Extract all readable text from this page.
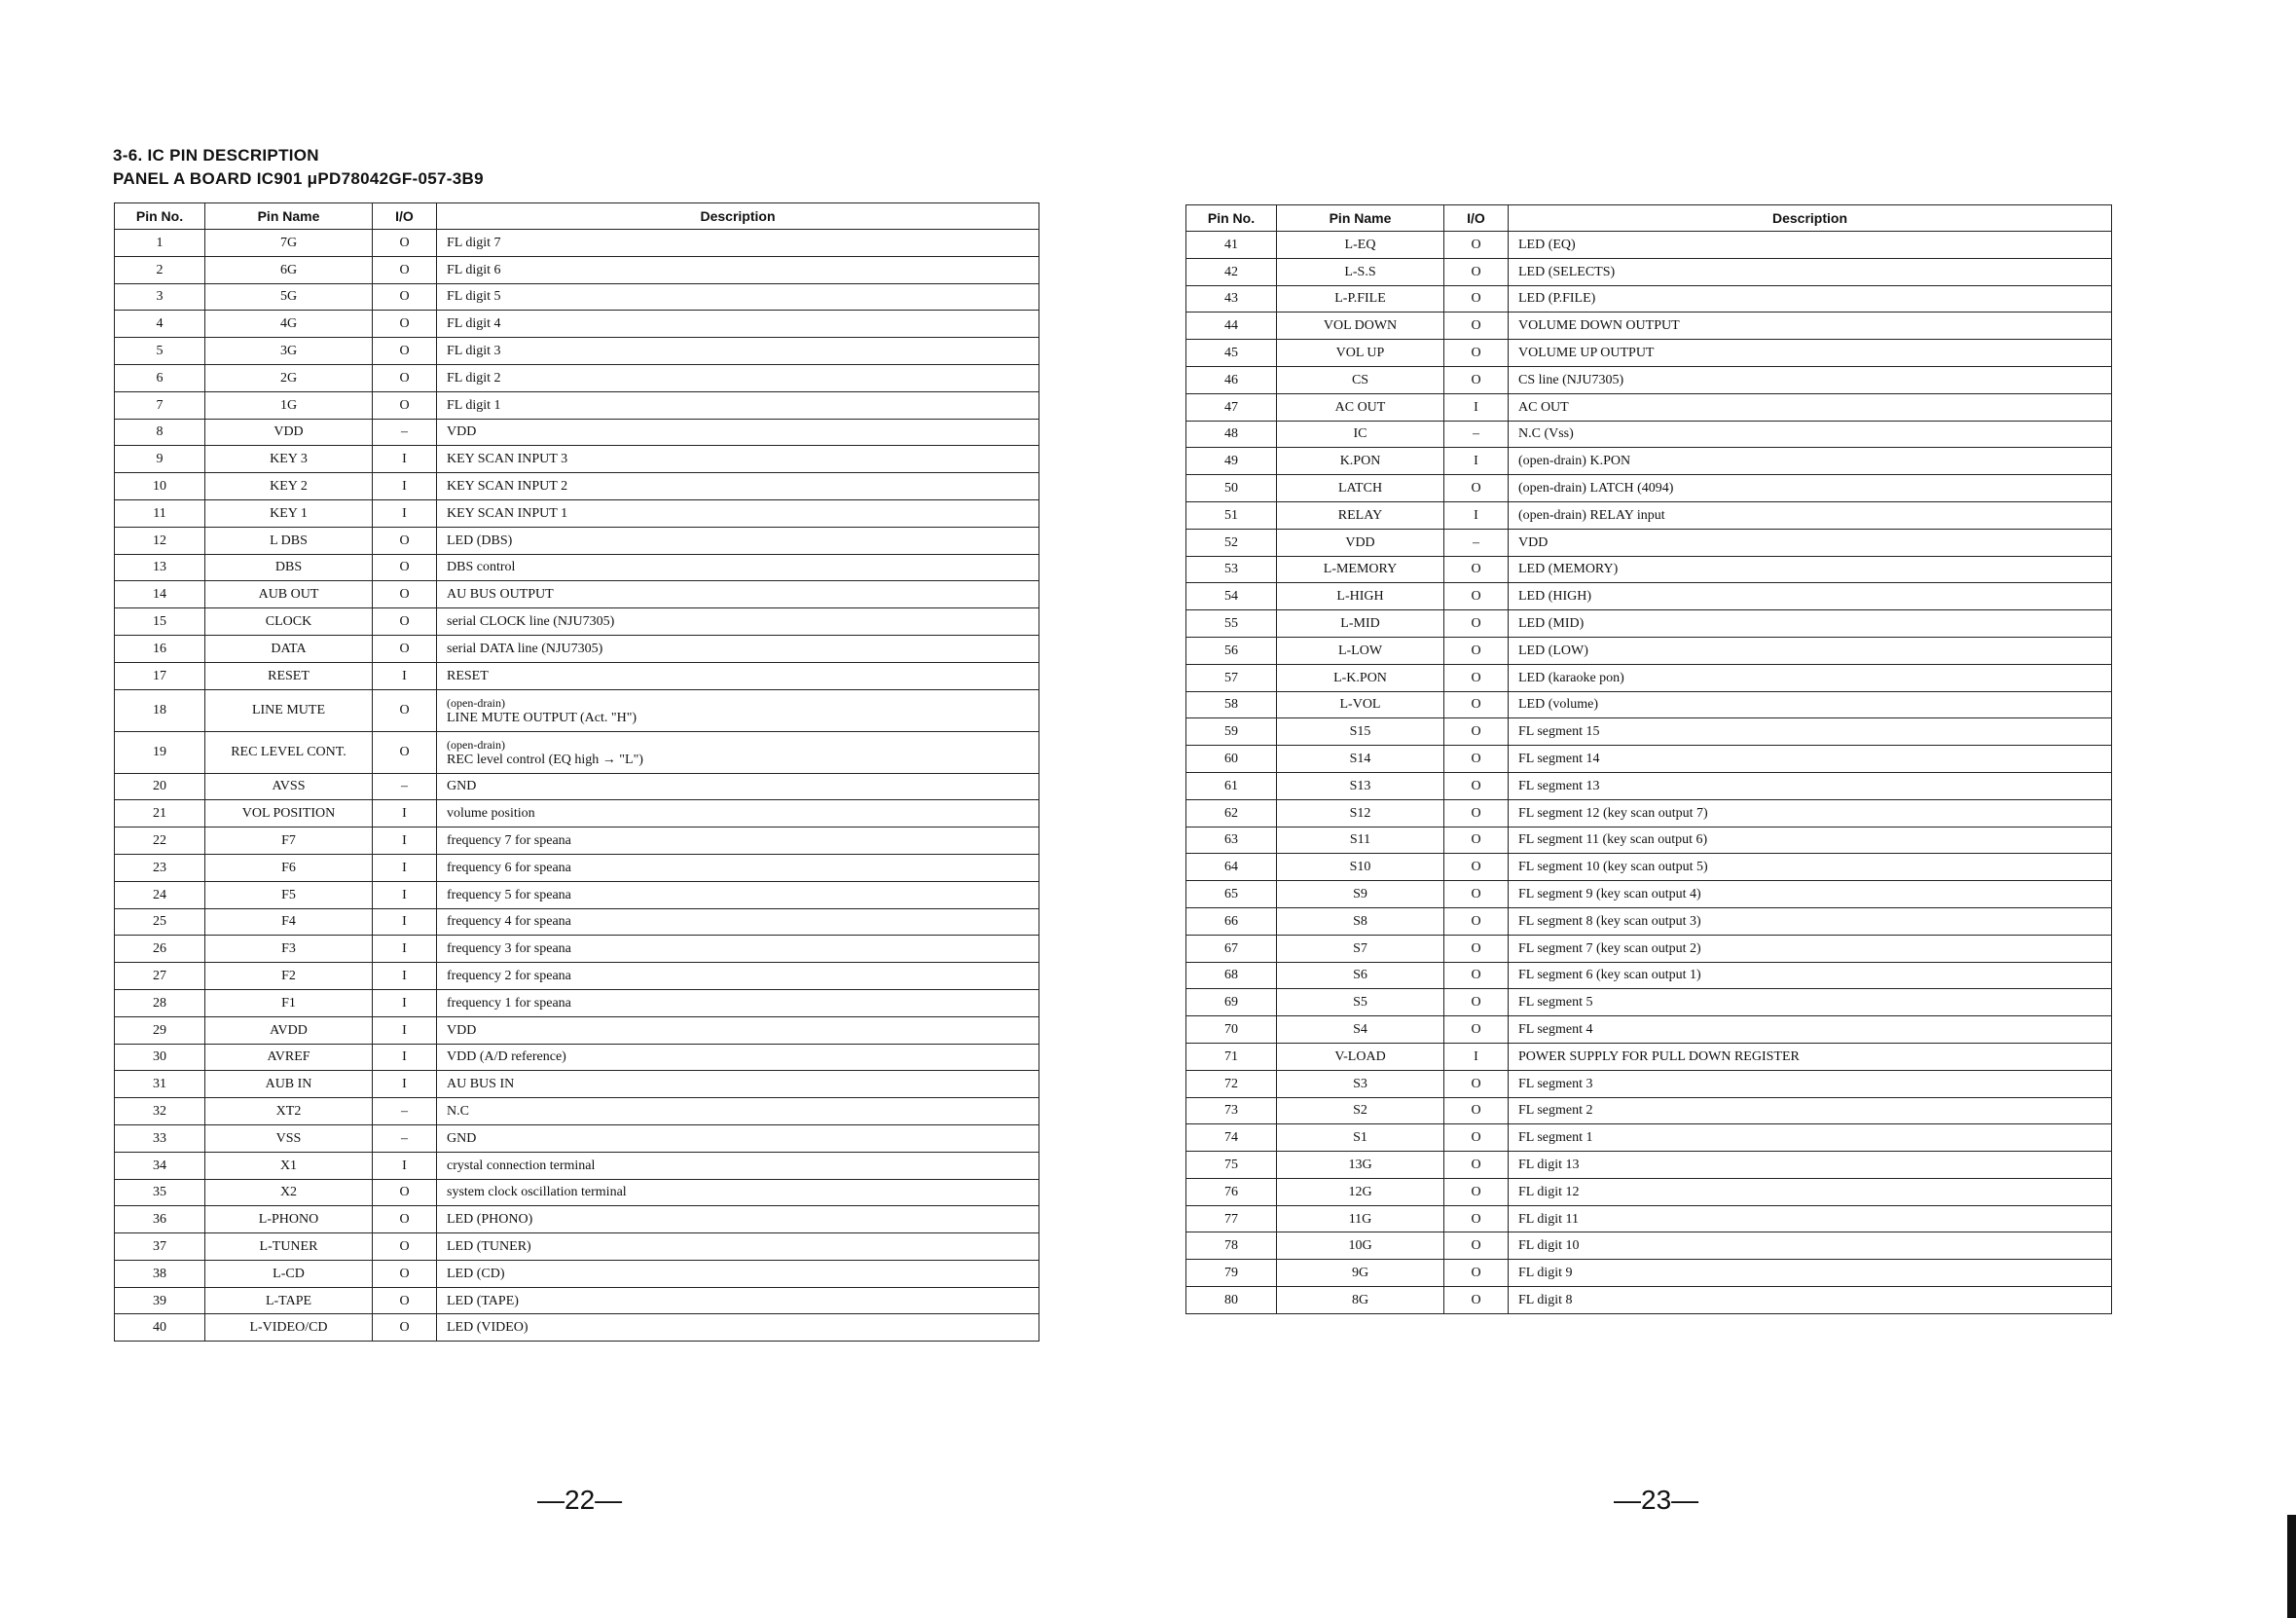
3-6. IC PIN DESCRIPTION
PANEL A BOARD IC901 μPD78042GF-057-3B9
Pin No.	Pin Name	I/O	Description
1	7G	O	FL digit 7

2	6G	O	FL digit 6

3	5G	O	FL digit 5

4	4G	O	FL digit 4

5	3G	O	FL digit 3

6	2G	O	FL digit 2

7	1G	O	FL digit 1

8	VDD	–	VDD

9	KEY 3	I	KEY SCAN INPUT 3

10	KEY 2	I	KEY SCAN INPUT 2

11	KEY 1	I	KEY SCAN INPUT 1

12	L DBS	O	LED (DBS)

13	DBS	O	DBS control

14	AUB OUT	O	AU BUS OUTPUT

15	CLOCK	O	serial CLOCK line (NJU7305)

16	DATA	O	serial DATA line (NJU7305)

17	RESET	I	RESET

18	LINE MUTE	O	(open-drain)
LINE MUTE OUTPUT (Act. "H")

19	REC LEVEL CONT.	O	(open-drain)
REC level control (EQ high → "L")

20	AVSS	–	GND

21	VOL POSITION	I	volume position

22	F7	I	frequency 7 for speana

23	F6	I	frequency 6 for speana

24	F5	I	frequency 5 for speana

25	F4	I	frequency 4 for speana

26	F3	I	frequency 3 for speana

27	F2	I	frequency 2 for speana

28	F1	I	frequency 1 for speana

29	AVDD	I	VDD

30	AVREF	I	VDD (A/D reference)

31	AUB IN	I	AU BUS IN

32	XT2	–	N.C

33	VSS	–	GND

34	X1	I	crystal connection terminal

35	X2	O	system clock oscillation terminal

36	L-PHONO	O	LED (PHONO)

37	L-TUNER	O	LED (TUNER)

38	L-CD	O	LED (CD)

39	L-TAPE	O	LED (TAPE)

40	L-VIDEO/CD	O	LED (VIDEO)
Pin No.	Pin Name	I/O	Description
41	L-EQ	O	LED (EQ)

42	L-S.S	O	LED (SELECTS)

43	L-P.FILE	O	LED (P.FILE)

44	VOL DOWN	O	VOLUME DOWN OUTPUT

45	VOL UP	O	VOLUME UP OUTPUT

46	CS	O	CS line (NJU7305)

47	AC OUT	I	AC OUT

48	IC	–	N.C (Vss)

49	K.PON	I	(open-drain) K.PON

50	LATCH	O	(open-drain) LATCH (4094)

51	RELAY	I	(open-drain) RELAY input

52	VDD	–	VDD

53	L-MEMORY	O	LED (MEMORY)

54	L-HIGH	O	LED (HIGH)

55	L-MID	O	LED (MID)

56	L-LOW	O	LED (LOW)

57	L-K.PON	O	LED (karaoke pon)

58	L-VOL	O	LED (volume)

59	S15	O	FL segment 15

60	S14	O	FL segment 14

61	S13	O	FL segment 13

62	S12	O	FL segment 12 (key scan output 7)

63	S11	O	FL segment 11 (key scan output 6)

64	S10	O	FL segment 10 (key scan output 5)

65	S9	O	FL segment 9 (key scan output 4)

66	S8	O	FL segment 8 (key scan output 3)

67	S7	O	FL segment 7 (key scan output 2)

68	S6	O	FL segment 6 (key scan output 1)

69	S5	O	FL segment 5

70	S4	O	FL segment 4

71	V-LOAD	I	POWER SUPPLY FOR PULL DOWN REGISTER

72	S3	O	FL segment 3

73	S2	O	FL segment 2

74	S1	O	FL segment 1

75	13G	O	FL digit 13

76	12G	O	FL digit 12

77	11G	O	FL digit 11

78	10G	O	FL digit 10

79	9G	O	FL digit 9

80	8G	O	FL digit 8
—22—	—23—
